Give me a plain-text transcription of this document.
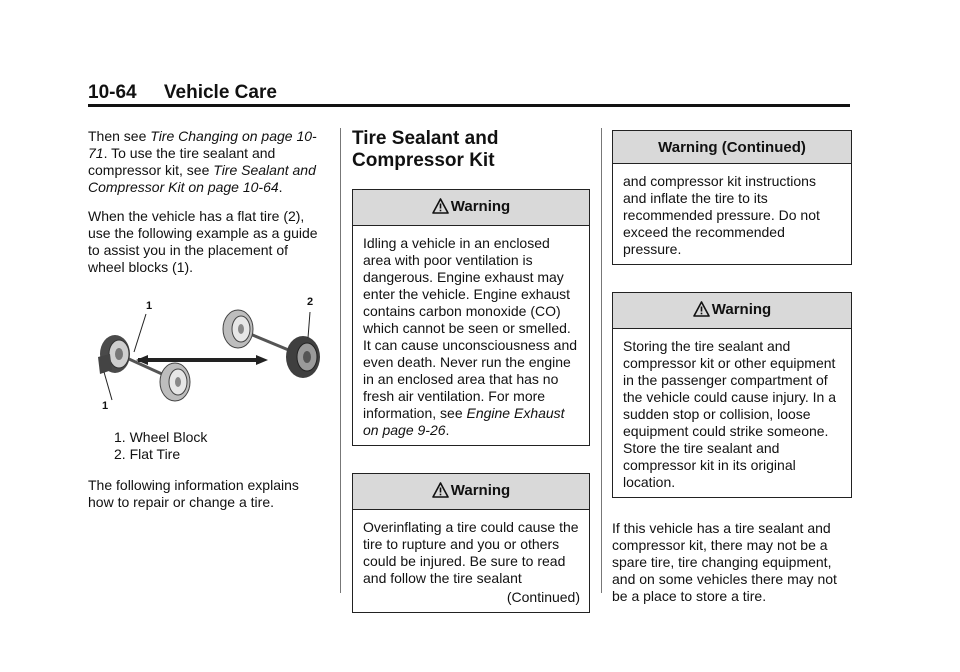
10-64 Vehicle Care

Then see Tire Changing on page 10-71. To use the tire sealant and compressor kit, see Tire Sealant and Compressor Kit on page 10-64.

When the vehicle has a flat tire (2), use the following example as a guide to assist you in the placement of wheel blocks (1).

1
1
2
1. Wheel Block
2. Flat Tire

The following information explains how to repair or change a tire.

Tire Sealant and Compressor Kit
Warning

Idling a vehicle in an enclosed area with poor ventilation is dangerous. Engine exhaust may enter the vehicle. Engine exhaust contains carbon monoxide (CO) which cannot be seen or smelled. It can cause unconsciousness and even death. Never run the engine in an enclosed area that has no fresh air ventilation. For more information, see Engine Exhaust on page 9-26.

Warning

Overinflating a tire could cause the tire to rupture and you or others could be injured. Be sure to read and follow the tire sealant

(Continued)
Warning (Continued)

and compressor kit instructions and inflate the tire to its recommended pressure. Do not exceed the recommended pressure.

Warning

Storing the tire sealant and compressor kit or other equipment in the passenger compartment of the vehicle could cause injury. In a sudden stop or collision, loose equipment could strike someone. Store the tire sealant and compressor kit in its original location.

If this vehicle has a tire sealant and compressor kit, there may not be a spare tire, tire changing equipment, and on some vehicles there may not be a place to store a tire.
